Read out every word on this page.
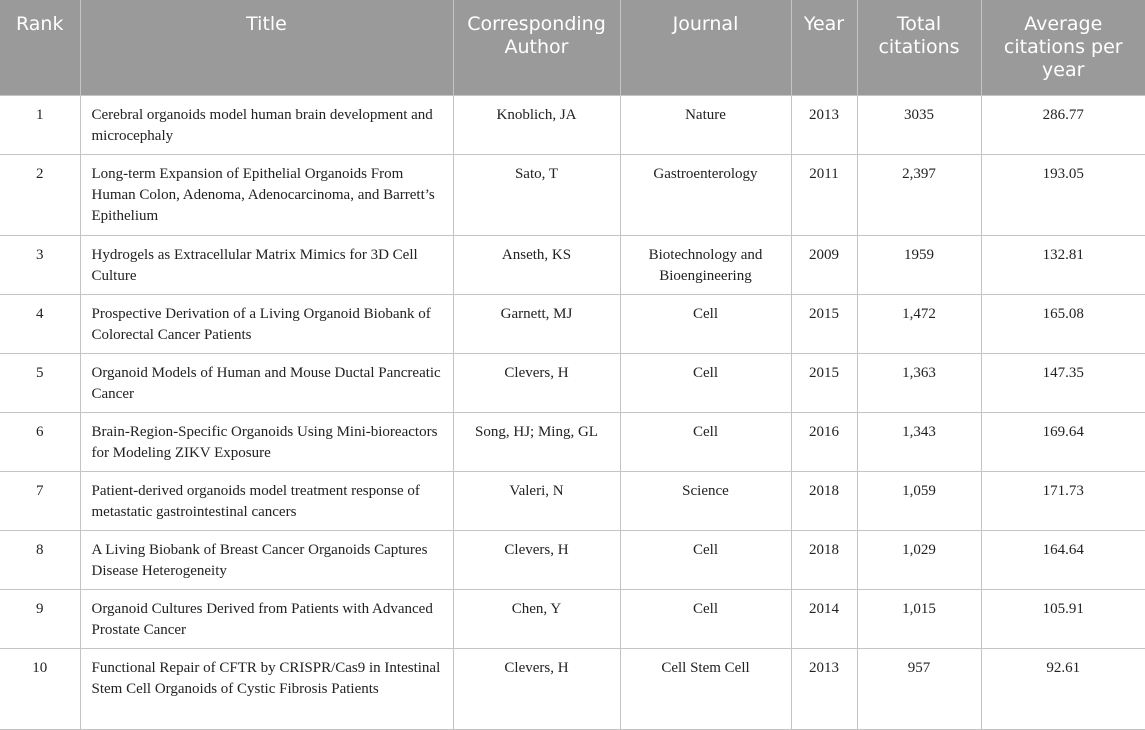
Rank	Title	Corresponding Author	Journal	Year	Total citations	Average citations per year
1	Cerebral organoids model human brain development and microcephaly	Knoblich, JA	Nature	2013	3035	286.77
2	Long-term Expansion of Epithelial Organoids From Human Colon, Adenoma, Adenocarcinoma, and Barrett’s Epithelium	Sato, T	Gastroenterology	2011	2,397	193.05
3	Hydrogels as Extracellular Matrix Mimics for 3D Cell Culture	Anseth, KS	Biotechnology and Bioengineering	2009	1959	132.81
4	Prospective Derivation of a Living Organoid Biobank of Colorectal Cancer Patients	Garnett, MJ	Cell	2015	1,472	165.08
5	Organoid Models of Human and Mouse Ductal Pancreatic Cancer	Clevers, H	Cell	2015	1,363	147.35
6	Brain-Region-Specific Organoids Using Mini-bioreactors for Modeling ZIKV Exposure	Song, HJ; Ming, GL	Cell	2016	1,343	169.64
7	Patient-derived organoids model treatment response of metastatic gastrointestinal cancers	Valeri, N	Science	2018	1,059	171.73
8	A Living Biobank of Breast Cancer Organoids Captures Disease Heterogeneity	Clevers, H	Cell	2018	1,029	164.64
9	Organoid Cultures Derived from Patients with Advanced Prostate Cancer	Chen, Y	Cell	2014	1,015	105.91
10	Functional Repair of CFTR by CRISPR/Cas9 in Intestinal Stem Cell Organoids of Cystic Fibrosis Patients	Clevers, H	Cell Stem Cell	2013	957	92.61
